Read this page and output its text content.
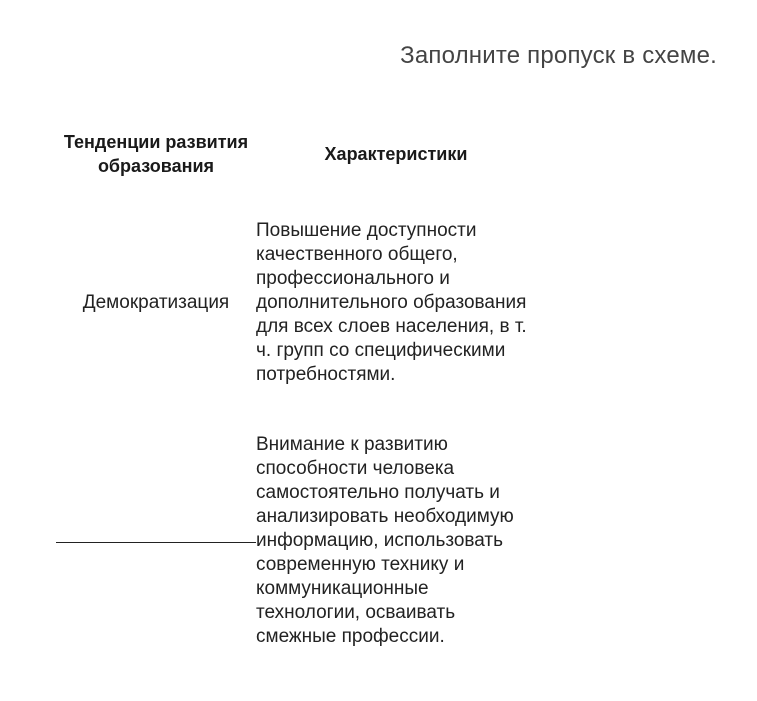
Заполните пропуск в схеме.
Тенденции развития образования	Характеристики

Демократизация	Повышение доступности качественного общего, профессионального и дополнительного образования для всех слоев населения, в т. ч. групп со специфическими потребностями.

	Внимание к развитию способности человека самостоятельно получать и анализировать необходимую информацию, использовать современную технику и коммуникационные технологии, осваивать смежные профессии.
